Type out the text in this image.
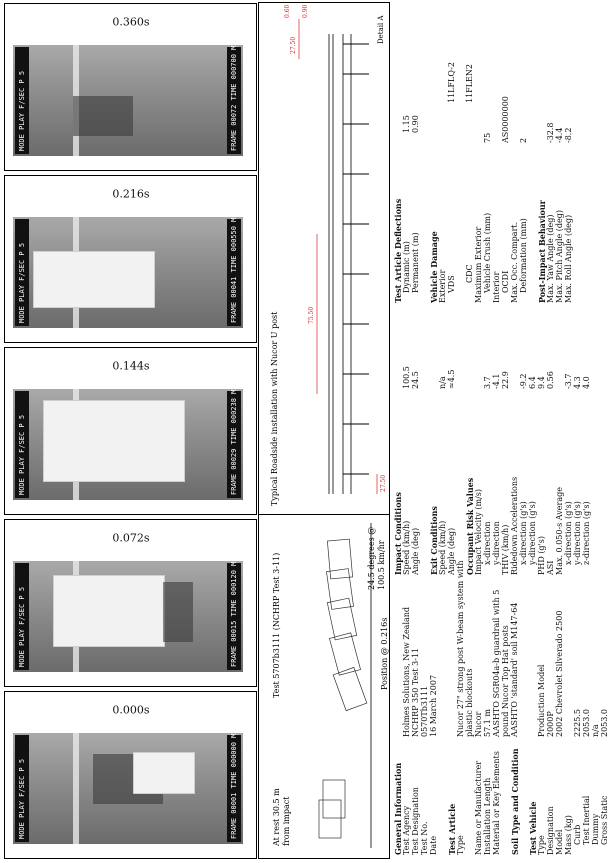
MODE PLAY F/SEC P 5	FRAME 00001 TIME 000000 MS
0.000s
MODE PLAY F/SEC P 5	FRAME 00015 TIME 000120 MS
0.072s
MODE PLAY F/SEC P 5	FRAME 00029 TIME 000238 MS
0.144s
MODE PLAY F/SEC P 5	FRAME 00041 TIME 000550 MS
0.216s
MODE PLAY F/SEC P 5	FRAME 00072 TIME 000700 MS
0.360s
At rest 30.5 m from impact
Test 5707b3111 (NCHRP Test 3-11)	Position @ 0.216s
24.5 degrees @ 100.5 km/hr
Typical Roadside installation with Nucor U post	75.50
27.50
27.50
0.60 0.90
Detail A
General Information Test Agency
Holmes Solutions, New Zealand
Test Designation
NCHRP 350 Test 3-11
Test No.
0570Tb3111
Date
16 March 2007
Test Article Type
Nucor 27" strong post W-beam system with plastic blockouts
Name or Manufacturer
Nucor
Installation Length
57.1 m
Material or Key Elements
AASHTO SGR04a-b guardrail with 5 pound Nucor Top Hat posts
Soil Type and Condition
AASHTO 'standard' soil M147-64
Test Vehicle Type
Production Model
Designation
2000P
Model
2002 Chevrolet Silverado 2500
Mass (kg) Curb
2225.5
Test Inertial
2053.0
Dummy
n/a
Gross Static
2053.0
Impact Conditions Speed (km/h)
100.5
Angle (deg)
24.5
Exit Conditions Speed (km/h)
n/a
Angle (deg)
≈4.5
Occupant Risk Values Impact Velocity (m/s) x-direction
3.7
y-direction
-4.1
THIV (km/h)
22.9
Ridedown Accelerations x-direction (g's)
-9.2
y-direction (g's)
6.4
PHD (g's)
9.4
ASI
0.56
Max. 0.050-s Average x-direction (g's)
-3.7
y-direction (g's)
4.3
z-direction (g's)
4.0
Test Article Deflections Dynamic (m)
1.15
Permanent (m)
0.90
Vehicle Damage Exterior VDS
11LFLQ-2
CDC
11FLEN2
Maximum Exterior Vehicle Crush (mm)
75
Interior OCDI
AS0000000
Max. Occ. Compart. Deformation (mm)
2
Post-Impact Behaviour Max. Yaw Angle (deg)
-32.8
Max. Pitch Angle (deg)
-4.4
Max. Roll Angle (deg)
-8.2
